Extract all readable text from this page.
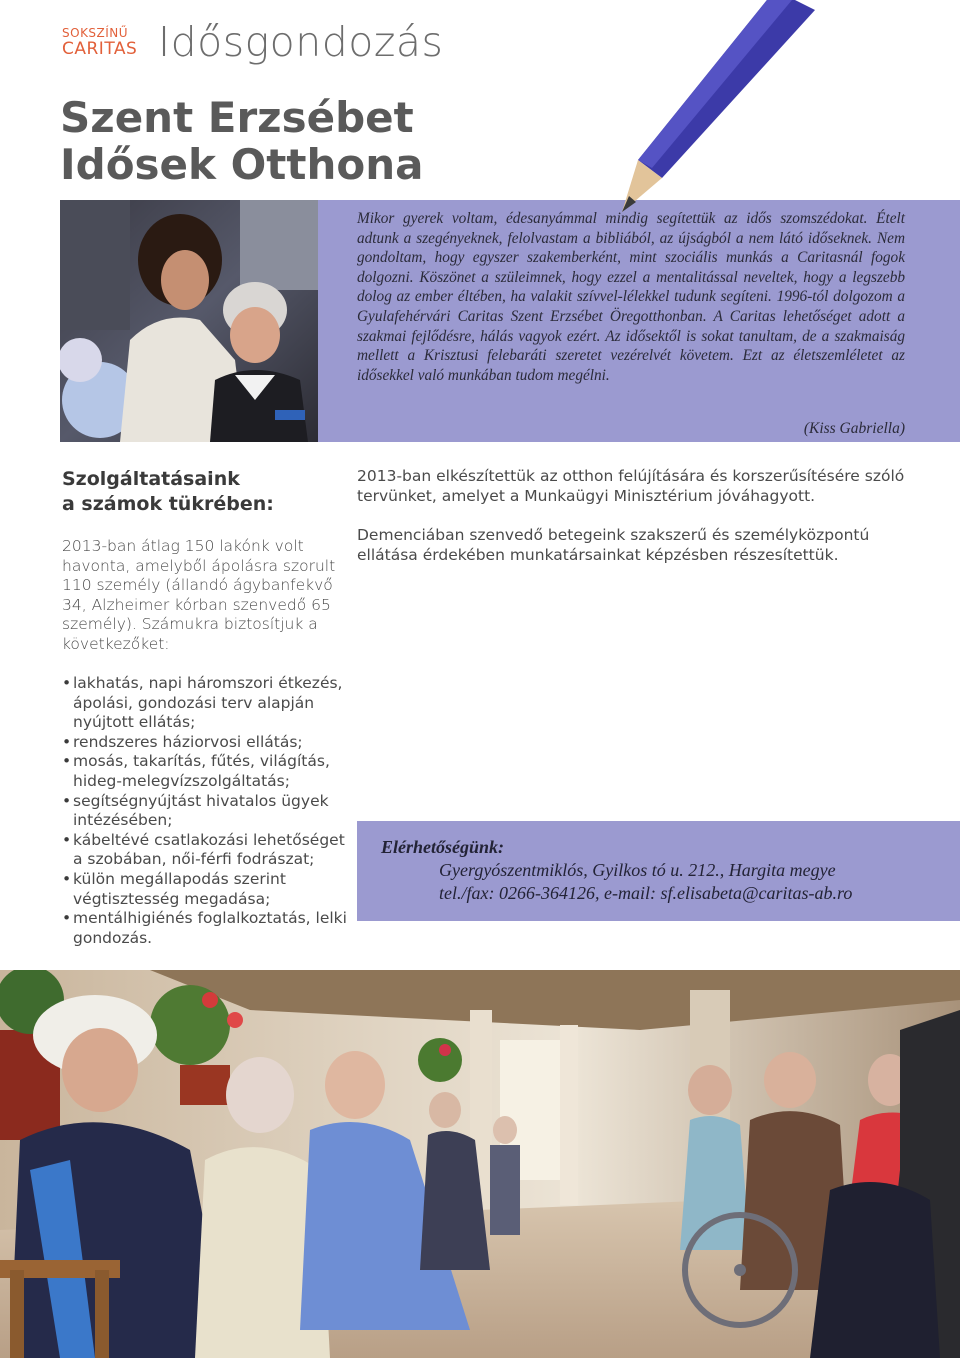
SOKSZÍNŰ
CARITAS Idősgondozás
Szent Erzsébet
Idősek Otthona
Mikor gyerek voltam, édesanyámmal mindig segítettük az idős szomszédokat. Ételt adtunk a szegényeknek, felolvastam a bibliából, az újságból a nem látó időseknek. Nem gondoltam, hogy egyszer szakemberként, mint szociális munkás a Caritasnál fogok dolgozni. Köszönet a szüleimnek, hogy ezzel a mentalitással neveltek, hogy a legszebb dolog az ember éltében, ha valakit szívvel-lélekkel tudunk segíteni. 1996-tól dolgozom a Gyulafehérvári Caritas Szent Erzsébet Öregotthonban. A Caritas lehetőséget adott a szakmai fejlődésre, hálás vagyok ezért. Az idősektől is sokat tanultam, de a szakmaiság mellett a Krisztusi felebaráti szeretet vezérelvét követem. Ezt az életszemléletet az idősekkel való munkában tudom megélni.
(Kiss Gabriella)
Szolgáltatásaink
a számok tükrében:
2013-ban átlag 150 lakónk volt havonta, amelyből ápolásra szorult 110 személy (állandó ágybanfekvő 34, Alzheimer kórban szenvedő 65 személy). Számukra biztosítjuk a következőket:
• lakhatás, napi háromszori étkezés, ápolási, gondozási terv alapján nyújtott ellátás;
• rendszeres háziorvosi ellátás;
• mosás, takarítás, fűtés, világítás, hideg-melegvízszolgáltatás;
• segítségnyújtást hivatalos ügyek intézésében;
• kábeltévé csatlakozási lehetőséget a szobában, női-férfi fodrászat;
• külön megállapodás szerint végtisztesség megadása;
• mentálhigiénés foglalkoztatás, lelki gondozás.
2013-ban elkészítettük az otthon felújítására és korszerűsítésére szóló tervünket, amelyet a Munkaügyi Minisztérium jóváhagyott.
Demenciában szenvedő betegeink szakszerű és személyközpontú ellátása érdekében munkatársainkat képzésben részesítettük.
Elérhetőségünk:
Gyergyószentmiklós, Gyilkos tó u. 212., Hargita megye
tel./fax: 0266-364126, e-mail: sf.elisabeta@caritas-ab.ro
